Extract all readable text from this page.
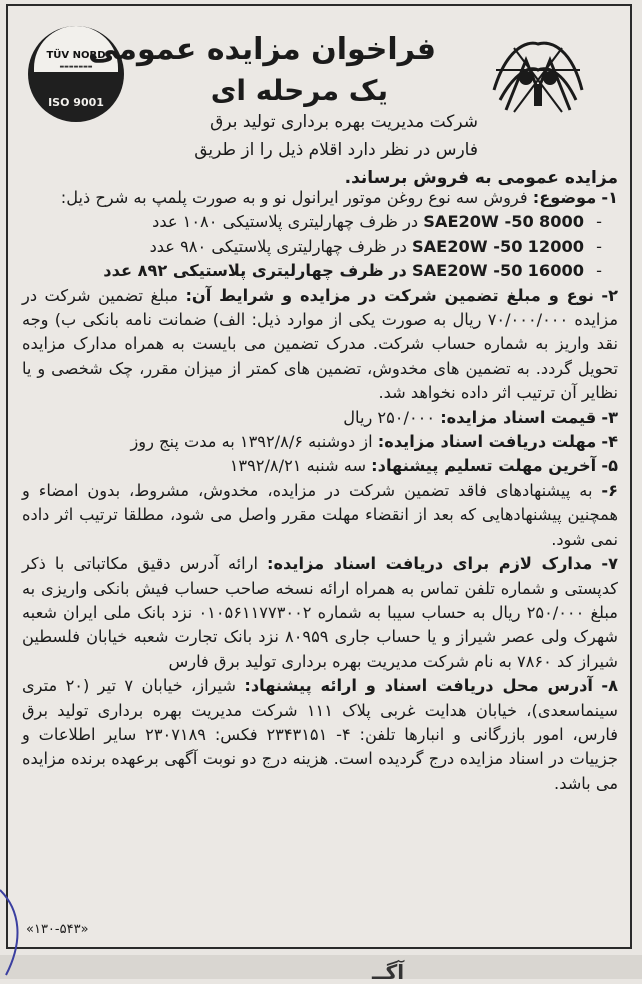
TÜV NORD
▬▬▬▬▬▬▬
ISO 9001
فراخوان مزایده عمومی
یک مرحله ای
شرکت مدیریت بهره برداری تولید برق
فارس در نظر دارد اقلام ذیل را از طریق
مزایده عمومی به فروش برساند.

۱- موضوع: فروش سه نوع روغن موتور ایرانول نو و به صورت پلمپ به شرح ذیل:

-SAE20W -50 8000 در ظرف چهارلیتری پلاستیکی ۱۰۸۰ عدد

-SAE20W -50 12000 در ظرف چهارلیتری پلاستیکی ۹۸۰ عدد

-SAE20W -50 16000 در ظرف چهارلیتری پلاستیکی ۸۹۲ عدد

۲- نوع و مبلغ تضمین شرکت در مزایده و شرایط آن: مبلغ تضمین شرکت در مزایده ۷۰/۰۰۰/۰۰۰ ریال به صورت یکی از موارد ذیل: الف) ضمانت نامه بانکی ب) وجه نقد واریز به شماره حساب شرکت. مدرک تضمین می بایست به همراه مدارک مزایده تحویل گردد. به تضمین های مخدوش، تضمین های کمتر از میزان مقرر، چک شخصی و یا نظایر آن ترتیب اثر داده نخواهد شد.

۳- قیمت اسناد مزایده: ۲۵۰/۰۰۰ ریال

۴- مهلت دریافت اسناد مزایده: از دوشنبه ۱۳۹۲/۸/۶ به مدت پنج روز

۵- آخرین مهلت تسلیم پیشنهاد: سه شنبه ۱۳۹۲/۸/۲۱

۶- به پیشنهادهای فاقد تضمین شرکت در مزایده، مخدوش، مشروط، بدون امضاء و همچنین پیشنهادهایی که بعد از انقضاء مهلت مقرر واصل می شود، مطلقا ترتیب اثر داده نمی شود.

۷- مدارک لازم برای دریافت اسناد مزایده: ارائه آدرس دقیق مکاتباتی با ذکر کدپستی و شماره تلفن تماس به همراه ارائه نسخه صاحب حساب فیش بانکی واریزی به مبلغ ۲۵۰/۰۰۰ ریال به حساب سیبا به شماره ۰۱۰۵۶۱۱۷۷۳۰۰۲ نزد بانک ملی ایران شعبه شهرک ولی عصر شیراز و یا حساب جاری ۸۰۹۵۹ نزد بانک تجارت شعبه خیابان فلسطین شیراز کد ۷۸۶۰ به نام شرکت مدیریت بهره برداری تولید برق فارس

۸- آدرس محل دریافت اسناد و ارائه پیشنهاد: شیراز، خیابان ۷ تیر (۲۰ متری سینماسعدی)، خیابان هدایت غربی پلاک ۱۱۱ شرکت مدیریت بهره برداری تولید برق فارس، امور بازرگانی و انبارها تلفن: ۴- ۲۳۴۳۱۵۱ فکس: ۲۳۰۷۱۸۹ سایر اطلاعات و جزییات در اسناد مزایده درج گردیده است. هزینه درج دو نوبت آگهی برعهده برنده مزایده می باشد.

«۱۳۰-۵۴۳»
آگــ
